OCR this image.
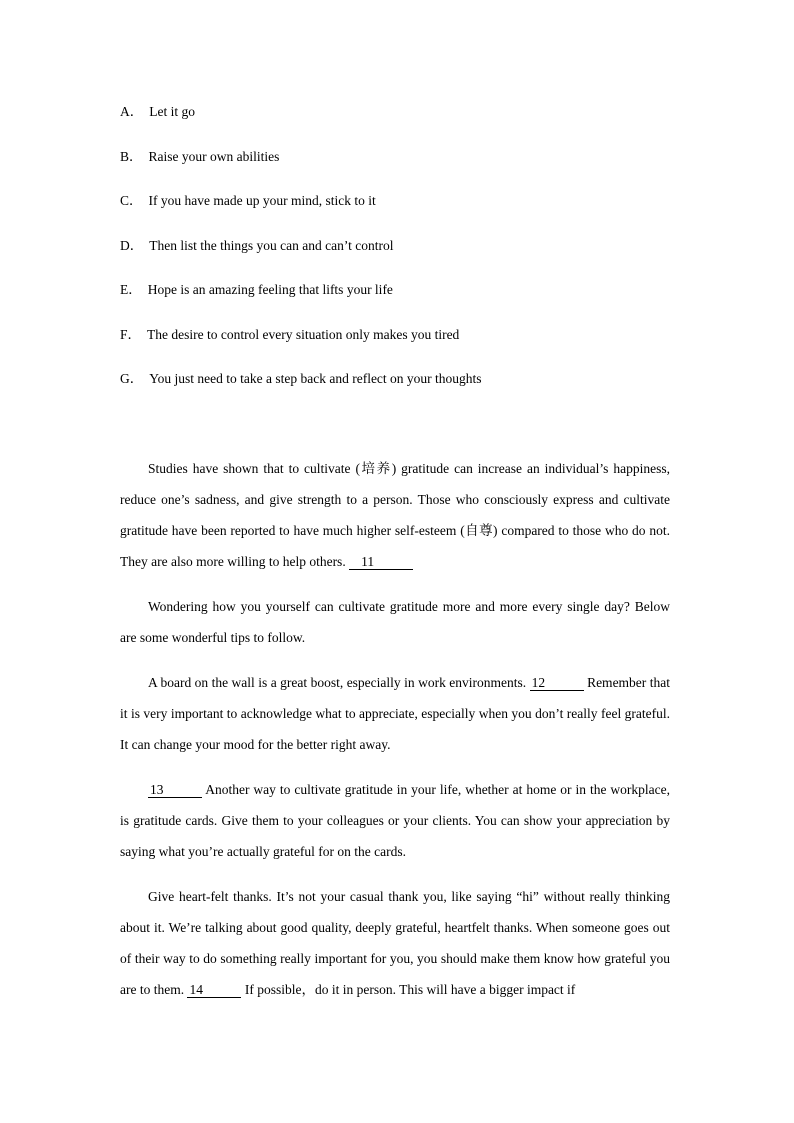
A． Let it go
B． Raise your own abilities
C． If you have made up your mind, stick to it
D． Then list the things you can and can’t control
E． Hope is an amazing feeling that lifts your life
F． The desire to control every situation only makes you tired
G． You just need to take a step back and reflect on your thoughts

Studies have shown that to cultivate (培养) gratitude can increase an individual’s happiness, reduce one’s sadness, and give strength to a person. Those who consciously express and cultivate gratitude have been reported to have much higher self-esteem (自尊) compared to those who do not. They are also more willing to help others. 11

Wondering how you yourself can cultivate gratitude more and more every single day? Below are some wonderful tips to follow.

A board on the wall is a great boost, especially in work environments. 12	Remember that it is very important to acknowledge what to appreciate, especially when you don’t really feel grateful. It can change your mood for the better right away.

13	Another way to cultivate gratitude in your life, whether at home or in the workplace, is gratitude cards. Give them to your colleagues or your clients. You can show your appreciation by saying what you’re actually grateful for on the cards.

Give heart-felt thanks. It’s not your casual thank you, like saying “hi” without really thinking about it. We’re talking about good quality, deeply grateful, heartfelt thanks. When someone goes out of their way to do something really important for you, you should make them know how grateful you are to them. 14	If possible，do it in person. This will have a bigger impact if
